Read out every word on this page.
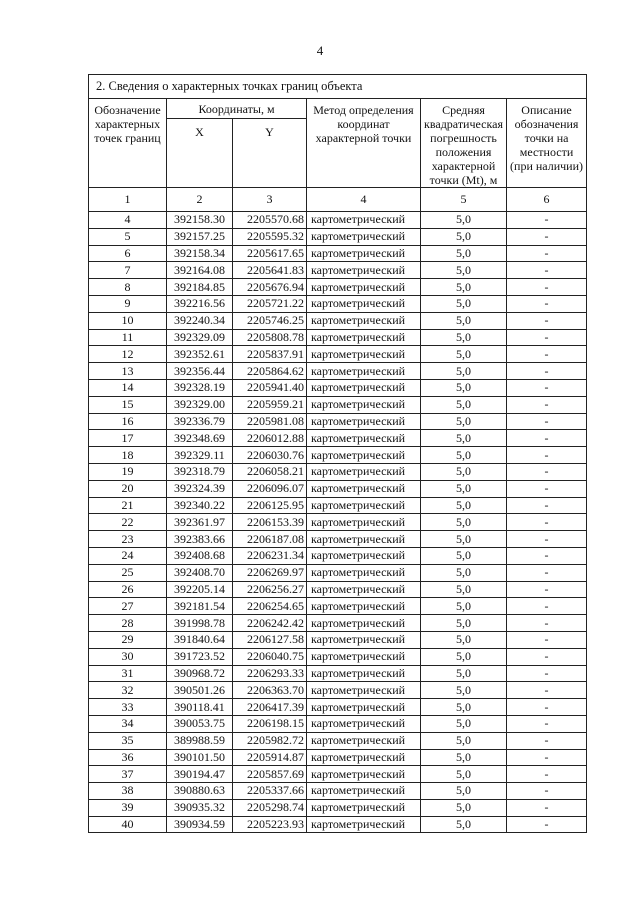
4
2. Сведения о характерных точках границ объекта					
Обозначение характерных точек границ	Координаты, м		Метод определения координат характерной точки	Средняя квадратическая погрешность положения характерной точки (Mt), м	Описание обозначения точки на местности (при наличии)
	X	Y			
1	2	3	4	5	6
4	392158.30	2205570.68	картометрический	5,0	-
5	392157.25	2205595.32	картометрический	5,0	-
6	392158.34	2205617.65	картометрический	5,0	-
7	392164.08	2205641.83	картометрический	5,0	-
8	392184.85	2205676.94	картометрический	5,0	-
9	392216.56	2205721.22	картометрический	5,0	-
10	392240.34	2205746.25	картометрический	5,0	-
11	392329.09	2205808.78	картометрический	5,0	-
12	392352.61	2205837.91	картометрический	5,0	-
13	392356.44	2205864.62	картометрический	5,0	-
14	392328.19	2205941.40	картометрический	5,0	-
15	392329.00	2205959.21	картометрический	5,0	-
16	392336.79	2205981.08	картометрический	5,0	-
17	392348.69	2206012.88	картометрический	5,0	-
18	392329.11	2206030.76	картометрический	5,0	-
19	392318.79	2206058.21	картометрический	5,0	-
20	392324.39	2206096.07	картометрический	5,0	-
21	392340.22	2206125.95	картометрический	5,0	-
22	392361.97	2206153.39	картометрический	5,0	-
23	392383.66	2206187.08	картометрический	5,0	-
24	392408.68	2206231.34	картометрический	5,0	-
25	392408.70	2206269.97	картометрический	5,0	-
26	392205.14	2206256.27	картометрический	5,0	-
27	392181.54	2206254.65	картометрический	5,0	-
28	391998.78	2206242.42	картометрический	5,0	-
29	391840.64	2206127.58	картометрический	5,0	-
30	391723.52	2206040.75	картометрический	5,0	-
31	390968.72	2206293.33	картометрический	5,0	-
32	390501.26	2206363.70	картометрический	5,0	-
33	390118.41	2206417.39	картометрический	5,0	-
34	390053.75	2206198.15	картометрический	5,0	-
35	389988.59	2205982.72	картометрический	5,0	-
36	390101.50	2205914.87	картометрический	5,0	-
37	390194.47	2205857.69	картометрический	5,0	-
38	390880.63	2205337.66	картометрический	5,0	-
39	390935.32	2205298.74	картометрический	5,0	-
40	390934.59	2205223.93	картометрический	5,0	-
